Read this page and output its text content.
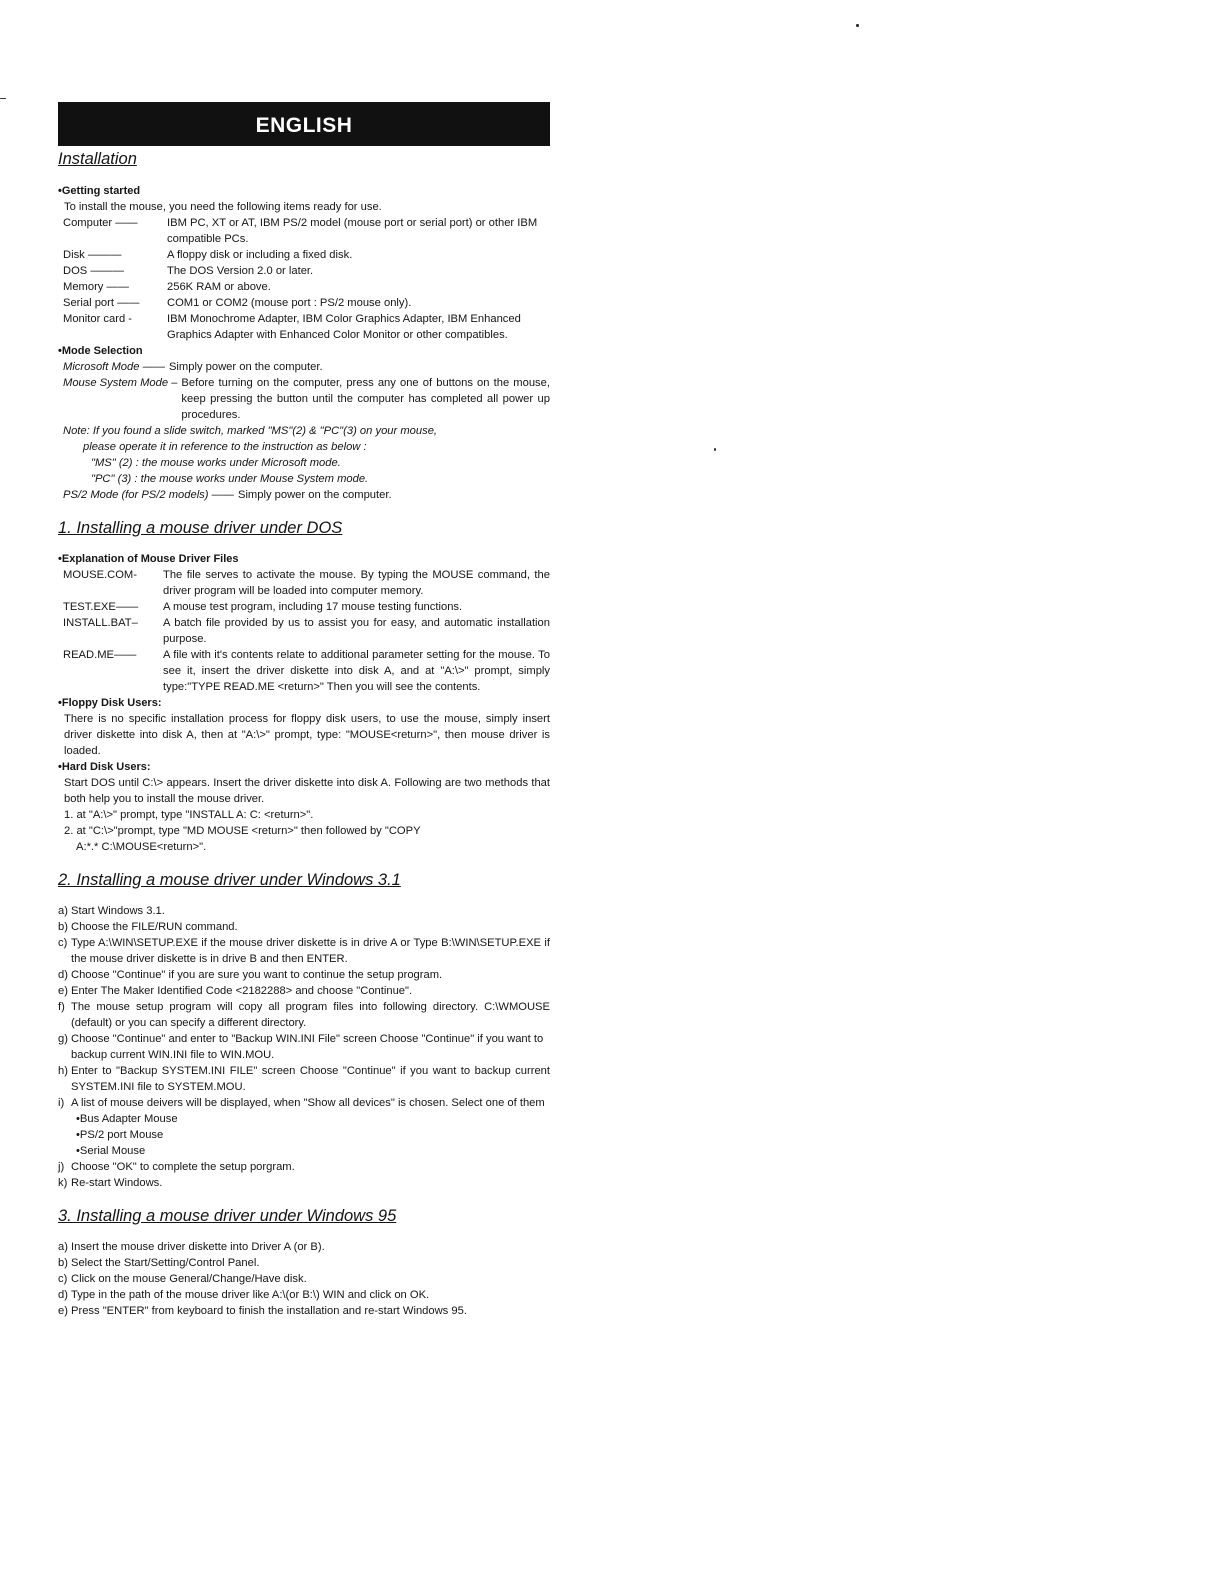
ENGLISH
Installation
• Getting started
To install the mouse, you need the following items ready for use.
Computer ——	IBM PC, XT or AT, IBM PS/2 model (mouse port or serial port) or other IBM compatible PCs.
Disk ———	A floppy disk or including a fixed disk.
DOS ———	The DOS Version 2.0 or later.
Memory ——	256K RAM or above.
Serial port ——	COM1 or COM2 (mouse port : PS/2 mouse only).
Monitor card -	IBM Monochrome Adapter, IBM Color Graphics Adapter, IBM Enhanced Graphics Adapter with Enhanced Color Monitor or other compatibles.
• Mode Selection
Microsoft Mode —— Simply power on the computer.
Mouse System Mode – Before turning on the computer, press any one of buttons on the mouse, keep pressing the button until the computer has completed all power up procedures.
Note: If you found a slide switch, marked "MS"(2) & "PC"(3) on your mouse,
please operate it in reference to the instruction as below :
"MS" (2) : the mouse works under Microsoft mode.
"PC" (3) : the mouse works under Mouse System mode.
PS/2 Mode (for PS/2 models) —— Simply power on the computer.
1. Installing a mouse driver under DOS
• Explanation of Mouse Driver Files
MOUSE.COM-	The file serves to activate the mouse. By typing the MOUSE command, the driver program will be loaded into computer memory.
TEST.EXE——	A mouse test program, including 17 mouse testing functions.
INSTALL.BAT–	A batch file provided by us to assist you for easy, and automatic installation purpose.
READ.ME——	A file with it's contents relate to additional parameter setting for the mouse. To see it, insert the driver diskette into disk A, and at "A:\>" prompt, simply type:"TYPE READ.ME <return>" Then you will see the contents.
• Floppy Disk Users:
There is no specific installation process for floppy disk users, to use the mouse, simply insert driver diskette into disk A, then at "A:\>" prompt, type: "MOUSE<return>", then mouse driver is loaded.
• Hard Disk Users:
Start DOS until C:\> appears. Insert the driver diskette into disk A. Following are two methods that both help you to install the mouse driver.
1. at "A:\>" prompt, type "INSTALL A: C: <return>".
2. at "C:\>"prompt, type "MD MOUSE <return>" then followed by "COPY
A:*.* C:\MOUSE<return>".
2. Installing a mouse driver under Windows 3.1
a) Start Windows 3.1.
b) Choose the FILE/RUN command.
c) Type A:\WIN\SETUP.EXE if the mouse driver diskette is in drive A or Type B:\WIN\SETUP.EXE if the mouse driver diskette is in drive B and then ENTER.
d) Choose "Continue" if you are sure you want to continue the setup program.
e) Enter The Maker Identified Code <2182288> and choose "Continue".
f) The mouse setup program will copy all program files into following directory. C:\WMOUSE (default) or you can specify a different directory.
g) Choose "Continue" and enter to "Backup WIN.INI File" screen Choose "Continue" if you want to backup current WIN.INI file to WIN.MOU.
h) Enter to "Backup SYSTEM.INI FILE" screen Choose "Continue" if you want to backup current SYSTEM.INI file to SYSTEM.MOU.
i) A list of mouse deivers will be displayed, when "Show all devices" is chosen. Select one of them
• Bus Adapter Mouse
• PS/2 port Mouse
• Serial Mouse
j) Choose "OK" to complete the setup porgram.
k) Re-start Windows.
3. Installing a mouse driver under Windows 95
a) Insert the mouse driver diskette into Driver A (or B).
b) Select the Start/Setting/Control Panel.
c) Click on the mouse General/Change/Have disk.
d) Type in the path of the mouse driver like A:\(or B:\) WIN and click on OK.
e) Press "ENTER" from keyboard to finish the installation and re-start Windows 95.
